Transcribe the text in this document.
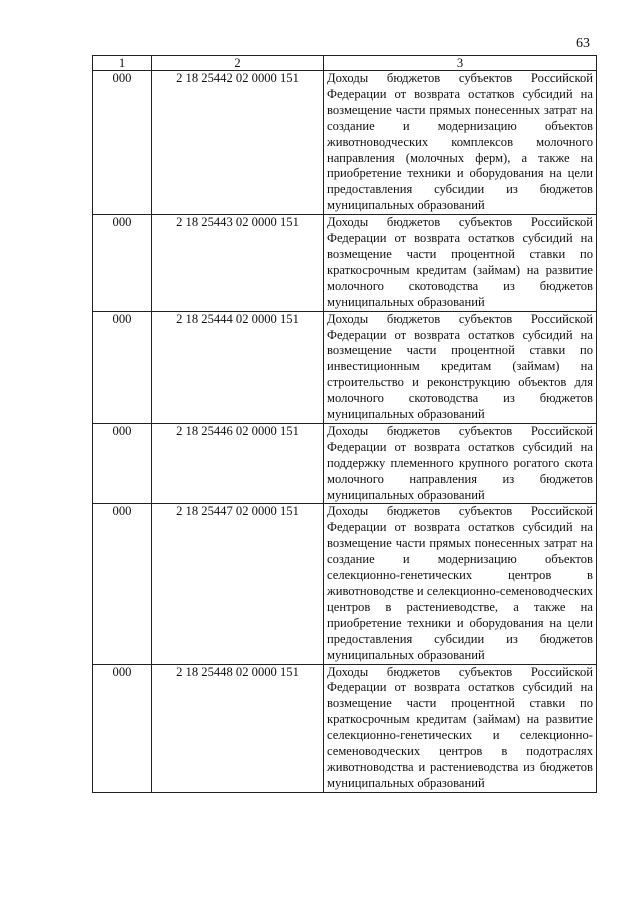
63
1	2	3
000	2 18 25442 02 0000 151	Доходы бюджетов субъектов Российской Федерации от возврата остатков субсидий на возмещение части прямых понесенных затрат на создание и модернизацию объектов животноводческих комплексов молочного направления (молочных ферм), а также на приобретение техники и оборудования на цели предоставления субсидии из бюджетов муниципальных образований
000	2 18 25443 02 0000 151	Доходы бюджетов субъектов Российской Федерации от возврата остатков субсидий на возмещение части процентной ставки по краткосрочным кредитам (займам) на развитие молочного скотоводства из бюджетов муниципальных образований
000	2 18 25444 02 0000 151	Доходы бюджетов субъектов Российской Федерации от возврата остатков субсидий на возмещение части процентной ставки по инвестиционным кредитам (займам) на строительство и реконструкцию объектов для молочного скотоводства из бюджетов муниципальных образований
000	2 18 25446 02 0000 151	Доходы бюджетов субъектов Российской Федерации от возврата остатков субсидий на поддержку племенного крупного рогатого скота молочного направления из бюджетов муниципальных образований
000	2 18 25447 02 0000 151	Доходы бюджетов субъектов Российской Федерации от возврата остатков субсидий на возмещение части прямых понесенных затрат на создание и модернизацию объектов селекционно-генетических центров в животноводстве и селекционно-семеноводческих центров в растениеводстве, а также на приобретение техники и оборудования на цели предоставления субсидии из бюджетов муниципальных образований
000	2 18 25448 02 0000 151	Доходы бюджетов субъектов Российской Федерации от возврата остатков субсидий на возмещение части процентной ставки по краткосрочным кредитам (займам) на развитие селекционно-генетических и селекционно-семеноводческих центров в подотраслях животноводства и растениеводства из бюджетов муниципальных образований
